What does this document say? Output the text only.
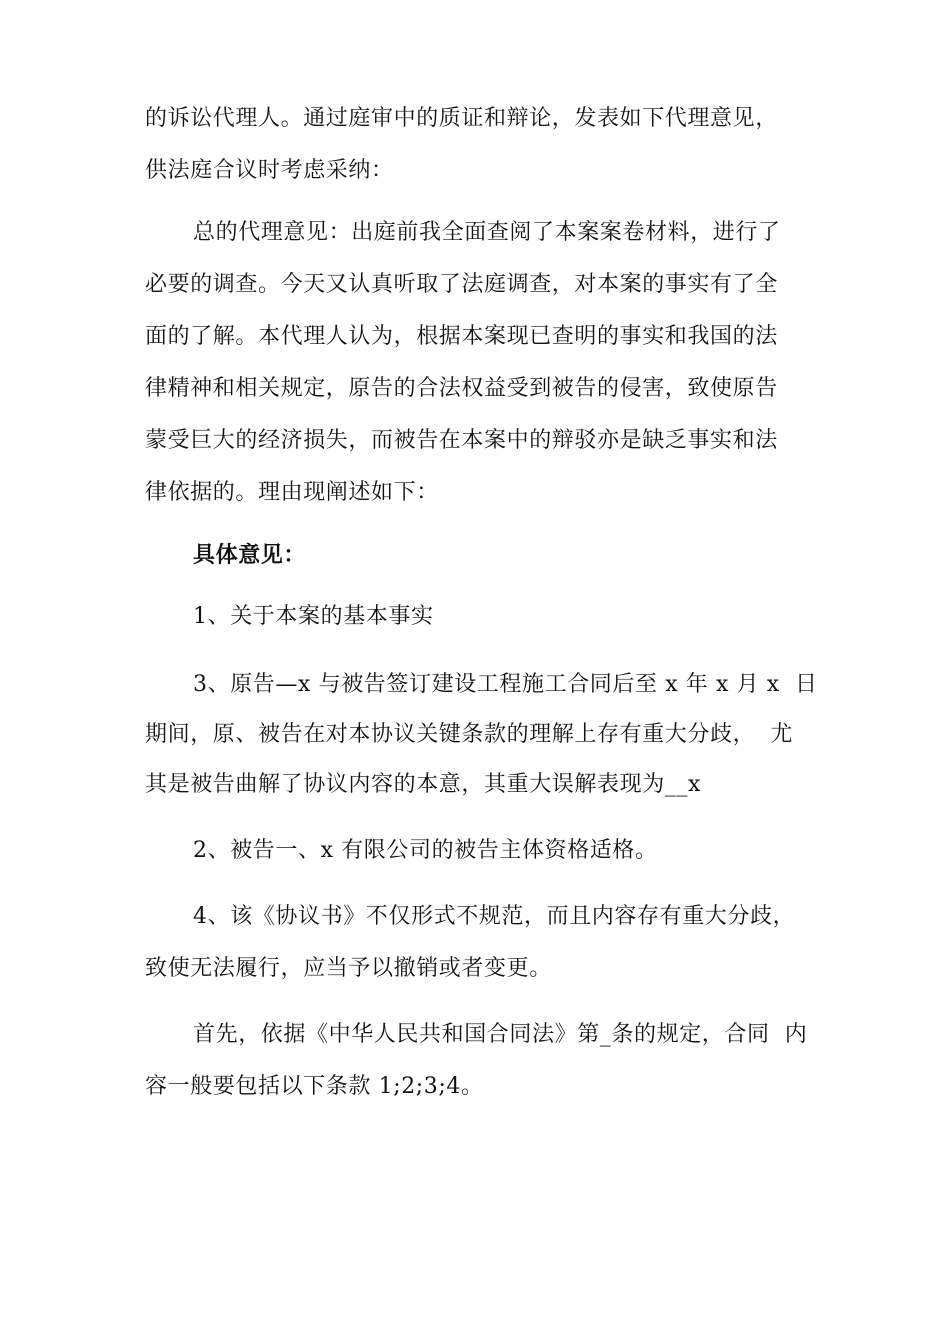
的诉讼代理人。通过庭审中的质证和辩论，发表如下代理意见，
供法庭合议时考虑采纳：
总的代理意见：出庭前我全面查阅了本案案卷材料，进行了
必要的调查。今天又认真听取了法庭调查，对本案的事实有了全
面的了解。本代理人认为，根据本案现已查明的事实和我国的法
律精神和相关规定，原告的合法权益受到被告的侵害，致使原告
蒙受巨大的经济损失，而被告在本案中的辩驳亦是缺乏事实和法
律依据的。理由现阐述如下：
具体意见：
1、关于本案的基本事实
3、原告—x 与被告签订建设工程施工合同后至 x 年 x 月 x  日
期间，原、被告在对本协议关键条款的理解上存有重大分歧，  尤
其是被告曲解了协议内容的本意，其重大误解表现为__x
2、被告一、x 有限公司的被告主体资格适格。
4、该《协议书》不仅形式不规范，而且内容存有重大分歧，
致使无法履行，应当予以撤销或者变更。
首先，依据《中华人民共和国合同法》第_条的规定，合同  内
容一般要包括以下条款 1;2;3;4。
